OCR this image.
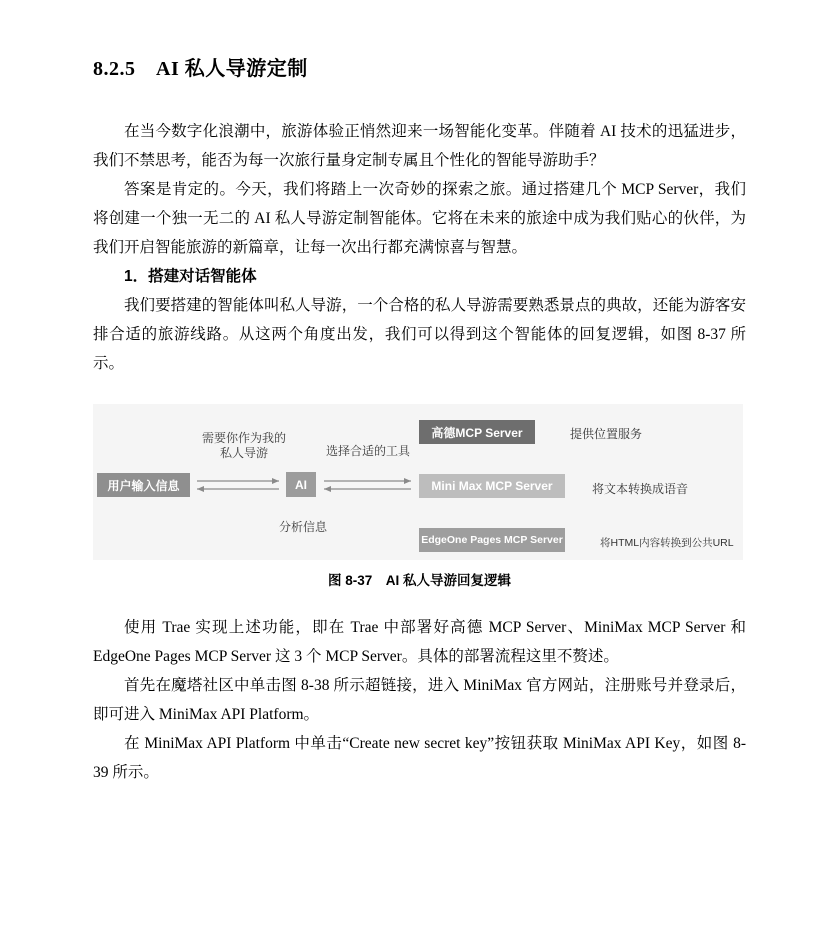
8.2.5　AI 私人导游定制

在当今数字化浪潮中，旅游体验正悄然迎来一场智能化变革。伴随着 AI 技术的迅猛进步，我们不禁思考，能否为每一次旅行量身定制专属且个性化的智能导游助手？

答案是肯定的。今天，我们将踏上一次奇妙的探索之旅。通过搭建几个 MCP Server，我们将创建一个独一无二的 AI 私人导游定制智能体。它将在未来的旅途中成为我们贴心的伙伴，为我们开启智能旅游的新篇章，让每一次出行都充满惊喜与智慧。

1．搭建对话智能体

我们要搭建的智能体叫私人导游，一个合格的私人导游需要熟悉景点的典故，还能为游客安排合适的旅游线路。从这两个角度出发，我们可以得到这个智能体的回复逻辑，如图 8-37 所示。

用户输入信息
需要你作为我的
私人导游
AI
分析信息
选择合适的工具
高德MCP Server
Mini Max MCP Server
EdgeOne Pages MCP Server
提供位置服务
将文本转换成语音
将HTML内容转换到公共URL
图 8-37　AI 私人导游回复逻辑

使用 Trae 实现上述功能，即在 Trae 中部署好高德 MCP Server、MiniMax MCP Server 和 EdgeOne Pages MCP Server 这 3 个 MCP Server。具体的部署流程这里不赘述。

首先在魔塔社区中单击图 8-38 所示超链接，进入 MiniMax 官方网站，注册账号并登录后，即可进入 MiniMax API Platform。

在 MiniMax API Platform 中单击“Create new secret key”按钮获取 MiniMax API Key，如图 8-39 所示。
